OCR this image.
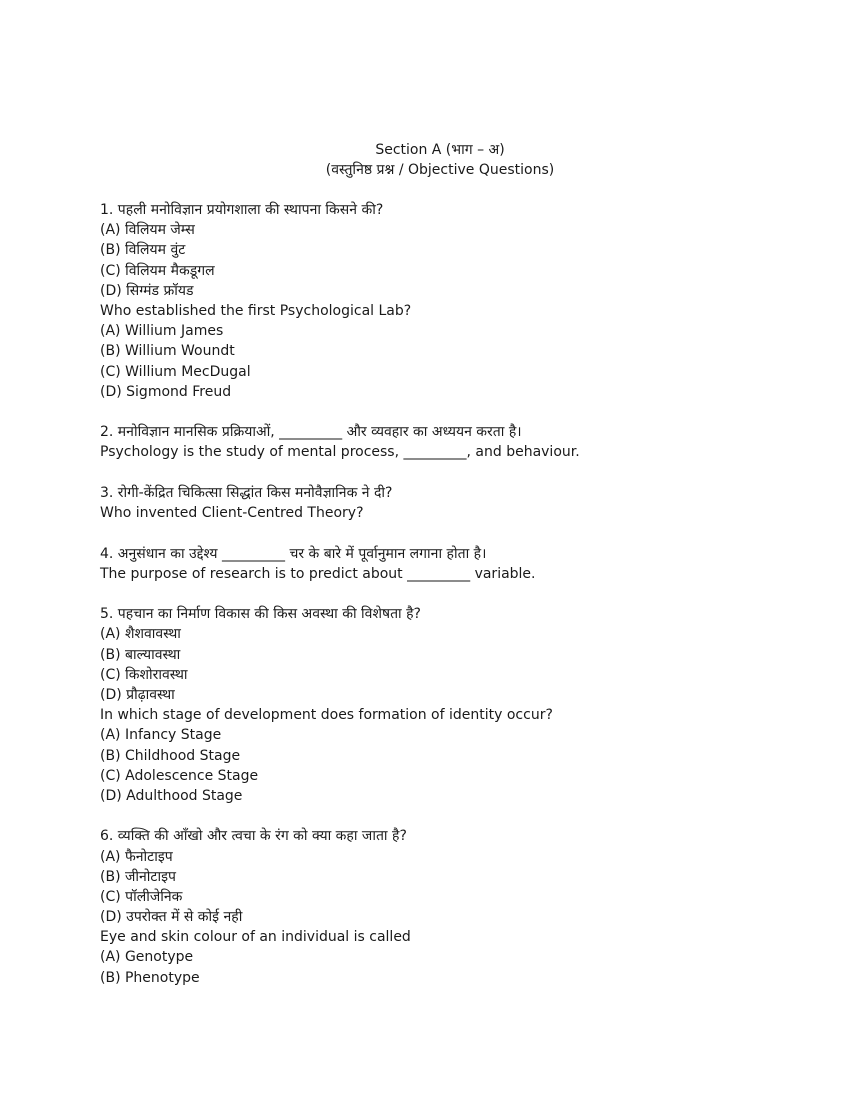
Section A (भाग – अ)
(वस्तुनिष्ठ प्रश्न / Objective Questions)
1. पहली मनोविज्ञान प्रयोगशाला की स्थापना किसने की?
(A) विलियम जेम्स
(B) विलियम वुंट
(C) विलियम मैकडूगल
(D) सिग्मंड फ्रॉयड
Who established the first Psychological Lab?
(A) Willium James
(B) Willium Woundt
(C) Willium MecDugal
(D) Sigmond Freud
2. मनोविज्ञान मानसिक प्रक्रियाओं, _________ और व्यवहार का अध्ययन करता है।
Psychology is the study of mental process, _________, and behaviour.
3. रोगी-केंद्रित चिकित्सा सिद्धांत किस मनोवैज्ञानिक ने दी?
Who invented Client-Centred Theory?
4. अनुसंधान का उद्देश्य _________ चर के बारे में पूर्वानुमान लगाना होता है।
The purpose of research is to predict about _________ variable.
5. पहचान का निर्माण विकास की किस अवस्था की विशेषता है?
(A) शैशवावस्था
(B) बाल्यावस्था
(C) किशोरावस्था
(D) प्रौढ़ावस्था
In which stage of development does formation of identity occur?
(A) Infancy Stage
(B) Childhood Stage
(C) Adolescence Stage
(D) Adulthood Stage
6. व्यक्ति की आँखो और त्वचा के रंग को क्या कहा जाता है?
(A) फैनोटाइप
(B) जीनोटाइप
(C) पॉलीजेनिक
(D) उपरोक्त में से कोई नही
Eye and skin colour of an individual is called
(A) Genotype
(B) Phenotype
